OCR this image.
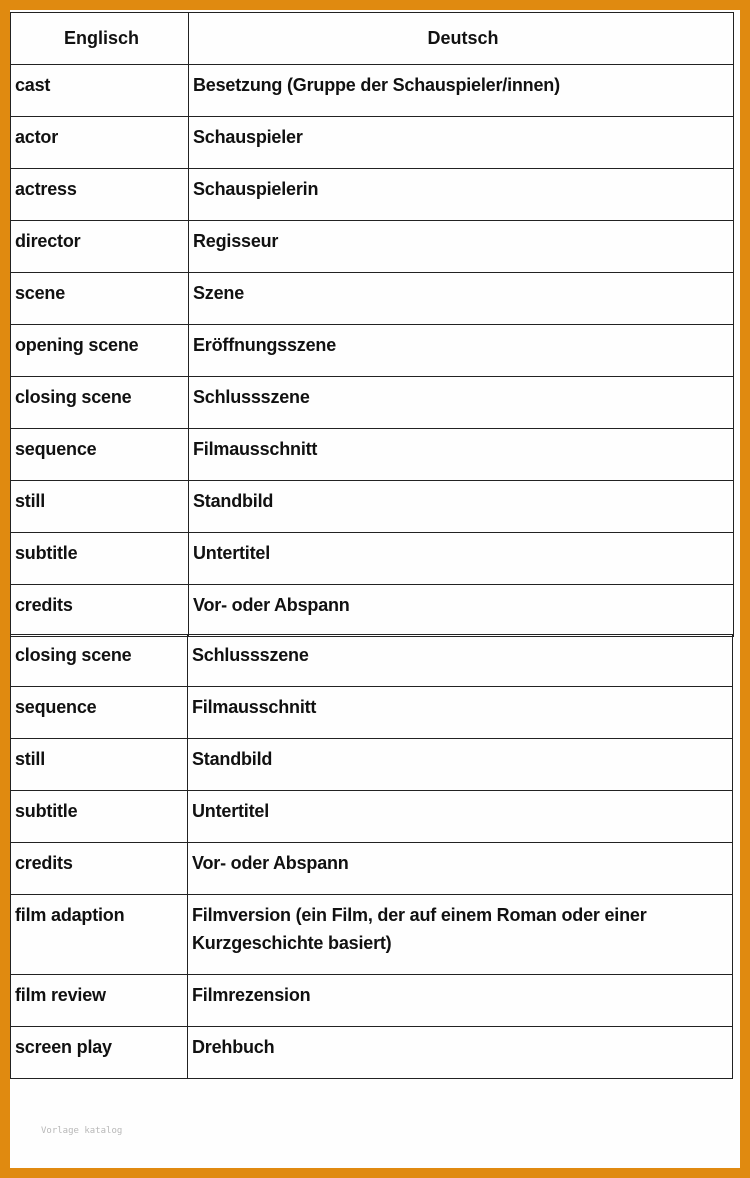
Englisch	Deutsch

cast	Besetzung (Gruppe der Schauspieler/innen)

actor	Schauspieler

actress	Schauspielerin

director	Regisseur

scene	Szene

opening scene	Eröffnungsszene

closing scene	Schlussszene

sequence	Filmausschnitt

still	Standbild

subtitle	Untertitel

credits	Vor- oder Abspann
closing scene	Schlussszene

sequence	Filmausschnitt

still	Standbild

subtitle	Untertitel

credits	Vor- oder Abspann

film adaption	Filmversion (ein Film, der auf einem Roman oder einer Kurzgeschichte basiert)

film review	Filmrezension

screen play	Drehbuch
Vorlage katalog
